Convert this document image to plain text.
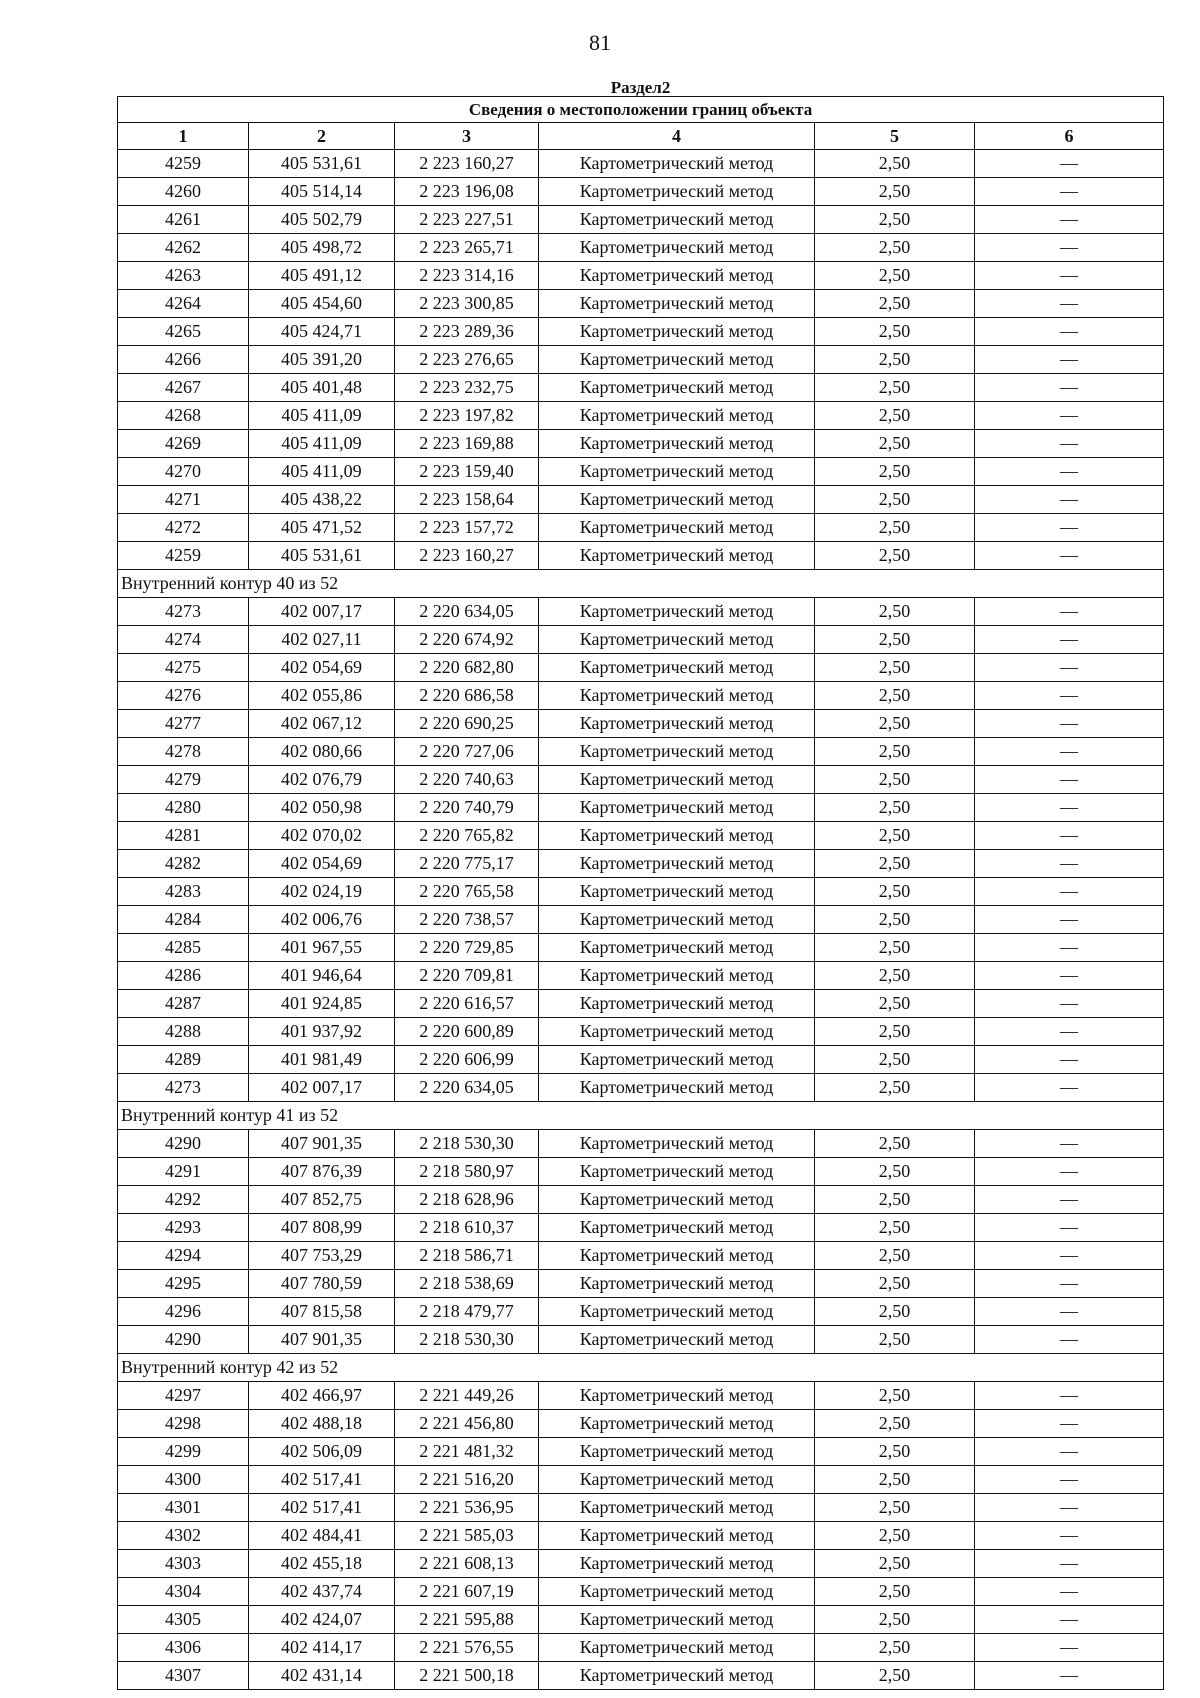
81
Раздел2					
Сведения о местоположении границ объекта					
1	2	3	4	5	6
4259	405 531,61	2 223 160,27	Картометрический метод	2,50	—
4260	405 514,14	2 223 196,08	Картометрический метод	2,50	—
4261	405 502,79	2 223 227,51	Картометрический метод	2,50	—
4262	405 498,72	2 223 265,71	Картометрический метод	2,50	—
4263	405 491,12	2 223 314,16	Картометрический метод	2,50	—
4264	405 454,60	2 223 300,85	Картометрический метод	2,50	—
4265	405 424,71	2 223 289,36	Картометрический метод	2,50	—
4266	405 391,20	2 223 276,65	Картометрический метод	2,50	—
4267	405 401,48	2 223 232,75	Картометрический метод	2,50	—
4268	405 411,09	2 223 197,82	Картометрический метод	2,50	—
4269	405 411,09	2 223 169,88	Картометрический метод	2,50	—
4270	405 411,09	2 223 159,40	Картометрический метод	2,50	—
4271	405 438,22	2 223 158,64	Картометрический метод	2,50	—
4272	405 471,52	2 223 157,72	Картометрический метод	2,50	—
4259	405 531,61	2 223 160,27	Картометрический метод	2,50	—
Внутренний контур 40 из 52					
4273	402 007,17	2 220 634,05	Картометрический метод	2,50	—
4274	402 027,11	2 220 674,92	Картометрический метод	2,50	—
4275	402 054,69	2 220 682,80	Картометрический метод	2,50	—
4276	402 055,86	2 220 686,58	Картометрический метод	2,50	—
4277	402 067,12	2 220 690,25	Картометрический метод	2,50	—
4278	402 080,66	2 220 727,06	Картометрический метод	2,50	—
4279	402 076,79	2 220 740,63	Картометрический метод	2,50	—
4280	402 050,98	2 220 740,79	Картометрический метод	2,50	—
4281	402 070,02	2 220 765,82	Картометрический метод	2,50	—
4282	402 054,69	2 220 775,17	Картометрический метод	2,50	—
4283	402 024,19	2 220 765,58	Картометрический метод	2,50	—
4284	402 006,76	2 220 738,57	Картометрический метод	2,50	—
4285	401 967,55	2 220 729,85	Картометрический метод	2,50	—
4286	401 946,64	2 220 709,81	Картометрический метод	2,50	—
4287	401 924,85	2 220 616,57	Картометрический метод	2,50	—
4288	401 937,92	2 220 600,89	Картометрический метод	2,50	—
4289	401 981,49	2 220 606,99	Картометрический метод	2,50	—
4273	402 007,17	2 220 634,05	Картометрический метод	2,50	—
Внутренний контур 41 из 52					
4290	407 901,35	2 218 530,30	Картометрический метод	2,50	—
4291	407 876,39	2 218 580,97	Картометрический метод	2,50	—
4292	407 852,75	2 218 628,96	Картометрический метод	2,50	—
4293	407 808,99	2 218 610,37	Картометрический метод	2,50	—
4294	407 753,29	2 218 586,71	Картометрический метод	2,50	—
4295	407 780,59	2 218 538,69	Картометрический метод	2,50	—
4296	407 815,58	2 218 479,77	Картометрический метод	2,50	—
4290	407 901,35	2 218 530,30	Картометрический метод	2,50	—
Внутренний контур 42 из 52					
4297	402 466,97	2 221 449,26	Картометрический метод	2,50	—
4298	402 488,18	2 221 456,80	Картометрический метод	2,50	—
4299	402 506,09	2 221 481,32	Картометрический метод	2,50	—
4300	402 517,41	2 221 516,20	Картометрический метод	2,50	—
4301	402 517,41	2 221 536,95	Картометрический метод	2,50	—
4302	402 484,41	2 221 585,03	Картометрический метод	2,50	—
4303	402 455,18	2 221 608,13	Картометрический метод	2,50	—
4304	402 437,74	2 221 607,19	Картометрический метод	2,50	—
4305	402 424,07	2 221 595,88	Картометрический метод	2,50	—
4306	402 414,17	2 221 576,55	Картометрический метод	2,50	—
4307	402 431,14	2 221 500,18	Картометрический метод	2,50	—
